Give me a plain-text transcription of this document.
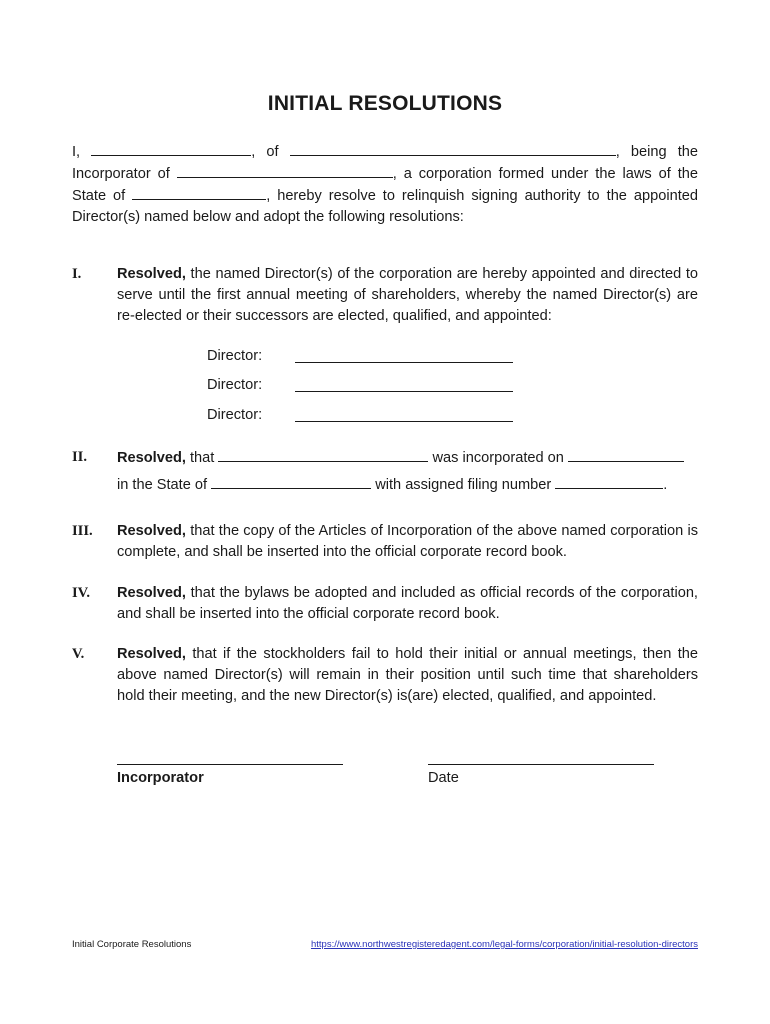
INITIAL RESOLUTIONS
I,	, of	, being the Incorporator of	, a corporation formed under the laws of the State of	, hereby resolve to relinquish signing authority to the appointed Director(s) named below and adopt the following resolutions:
I.	Resolved, the named Director(s) of the corporation are hereby appointed and directed to serve until the first annual meeting of shareholders, whereby the named Director(s) are re-elected or their successors are elected, qualified, and appointed:
Director:
Director:
Director:
II.	Resolved, that	was incorporated on
in the State of	with assigned filing number	.
III.	Resolved, that the copy of the Articles of Incorporation of the above named corporation is complete, and shall be inserted into the official corporate record book.
IV.	Resolved, that the bylaws be adopted and included as official records of the corporation, and shall be inserted into the official corporate record book.
V.	Resolved, that if the stockholders fail to hold their initial or annual meetings, then the above named Director(s) will remain in their position until such time that shareholders hold their meeting, and the new Director(s) is(are) elected, qualified, and appointed.
Incorporator	Date
Initial Corporate Resolutions	https://www.northwestregisteredagent.com/legal-forms/corporation/initial-resolution-directors
